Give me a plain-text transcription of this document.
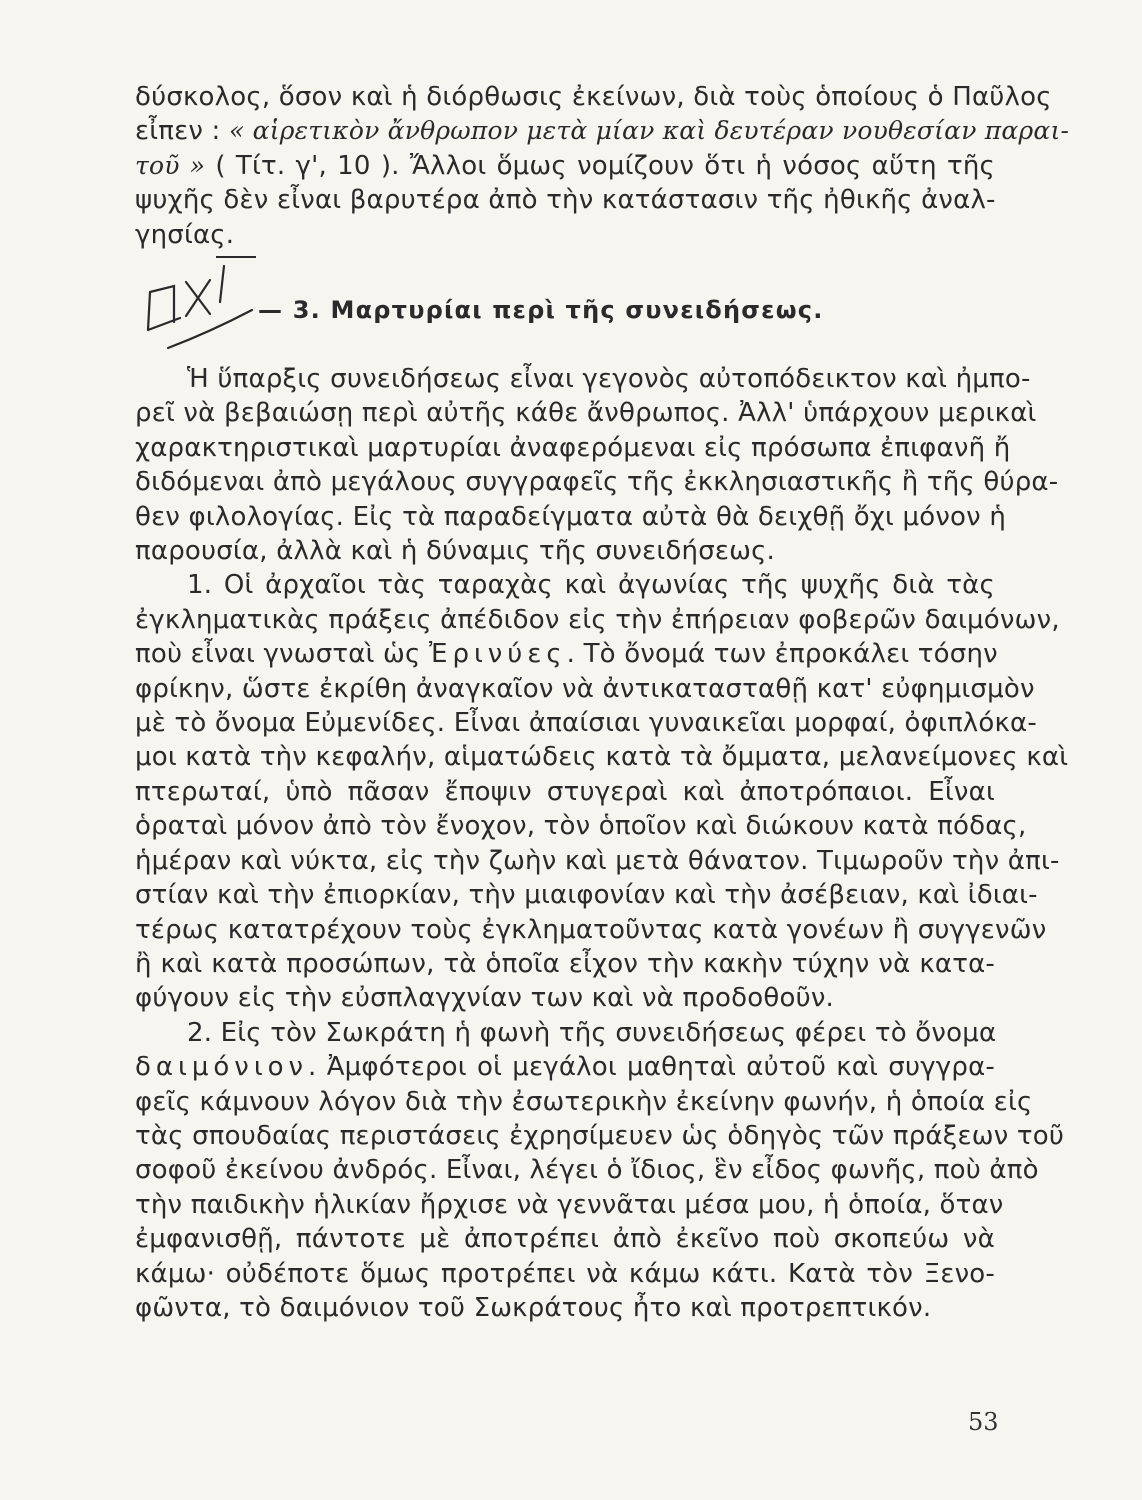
δύσκολος, ὅσον καὶ ἡ διόρθωσις ἐκείνων, διὰ τοὺς ὁποίους ὁ Παῦλος
εἶπεν : « αἱρετικὸν ἄνθρωπον μετὰ μίαν καὶ δευτέραν νουθεσίαν παραι-
τοῦ » ( Τίτ. γ', 10 ). Ἄλλοι ὅμως νομίζουν ὅτι ἡ νόσος αὕτη τῆς
ψυχῆς δὲν εἶναι βαρυτέρα ἀπὸ τὴν κατάστασιν τῆς ἠθικῆς ἀναλ-
γησίας.
ΟΧΙ
— 3. Μαρτυρίαι περὶ τῆς συνειδήσεως.
Ἡ ὕπαρξις συνειδήσεως εἶναι γεγονὸς αὐτοπόδεικτον καὶ ἠμπο-
ρεῖ νὰ βεβαιώσῃ περὶ αὐτῆς κάθε ἄνθρωπος. Ἀλλ' ὑπάρχουν μερικαὶ
χαρακτηριστικαὶ μαρτυρίαι ἀναφερόμεναι εἰς πρόσωπα ἐπιφανῆ ἤ
διδόμεναι ἀπὸ μεγάλους συγγραφεῖς τῆς ἐκκλησιαστικῆς ἢ τῆς θύρα-
θεν φιλολογίας. Εἰς τὰ παραδείγματα αὐτὰ θὰ δειχθῇ ὄχι μόνον ἡ
παρουσία, ἀλλὰ καὶ ἡ δύναμις τῆς συνειδήσεως.
1. Οἱ ἀρχαῖοι τὰς ταραχὰς καὶ ἀγωνίας τῆς ψυχῆς διὰ τὰς
ἐγκληματικὰς πράξεις ἀπέδιδον εἰς τὴν ἐπήρειαν φοβερῶν δαιμόνων,
ποὺ εἶναι γνωσταὶ ὡς Ἐρινύες. Τὸ ὄνομά των ἐπροκάλει τόσην
φρίκην, ὥστε ἐκρίθη ἀναγκαῖον νὰ ἀντικατασταθῇ κατ' εὐφημισμὸν
μὲ τὸ ὄνομα Εὐμενίδες. Εἶναι ἀπαίσιαι γυναικεῖαι μορφαί, ὀφιπλόκα-
μοι κατὰ τὴν κεφαλήν, αἱματώδεις κατὰ τὰ ὄμματα, μελανείμονες καὶ
πτερωταί, ὑπὸ πᾶσαν ἔποψιν στυγεραὶ καὶ ἀποτρόπαιοι. Εἶναι
ὁραταὶ μόνον ἀπὸ τὸν ἔνοχον, τὸν ὁποῖον καὶ διώκουν κατὰ πόδας,
ἡμέραν καὶ νύκτα, εἰς τὴν ζωὴν καὶ μετὰ θάνατον. Τιμωροῦν τὴν ἀπι-
στίαν καὶ τὴν ἐπιορκίαν, τὴν μιαιφονίαν καὶ τὴν ἀσέβειαν, καὶ ἰδιαι-
τέρως κατατρέχουν τοὺς ἐγκληματοῦντας κατὰ γονέων ἢ συγγενῶν
ἢ καὶ κατὰ προσώπων, τὰ ὁποῖα εἶχον τὴν κακὴν τύχην νὰ κατα-
φύγουν εἰς τὴν εὐσπλαγχνίαν των καὶ νὰ προδοθοῦν.
2. Εἰς τὸν Σωκράτη ἡ φωνὴ τῆς συνειδήσεως φέρει τὸ ὄνομα
δαιμόνιον. Ἀμφότεροι οἱ μεγάλοι μαθηταὶ αὐτοῦ καὶ συγγρα-
φεῖς κάμνουν λόγον διὰ τὴν ἐσωτερικὴν ἐκείνην φωνήν, ἡ ὁποία εἰς
τὰς σπουδαίας περιστάσεις ἐχρησίμευεν ὡς ὁδηγὸς τῶν πράξεων τοῦ
σοφοῦ ἐκείνου ἀνδρός. Εἶναι, λέγει ὁ ἴδιος, ἓν εἶδος φωνῆς, ποὺ ἀπὸ
τὴν παιδικὴν ἡλικίαν ἤρχισε νὰ γεννᾶται μέσα μου, ἡ ὁποία, ὅταν
ἐμφανισθῇ, πάντοτε μὲ ἀποτρέπει ἀπὸ ἐκεῖνο ποὺ σκοπεύω νὰ
κάμω· οὐδέποτε ὅμως προτρέπει νὰ κάμω κάτι. Κατὰ τὸν Ξενο-
φῶντα, τὸ δαιμόνιον τοῦ Σωκράτους ἦτο καὶ προτρεπτικόν.
53
